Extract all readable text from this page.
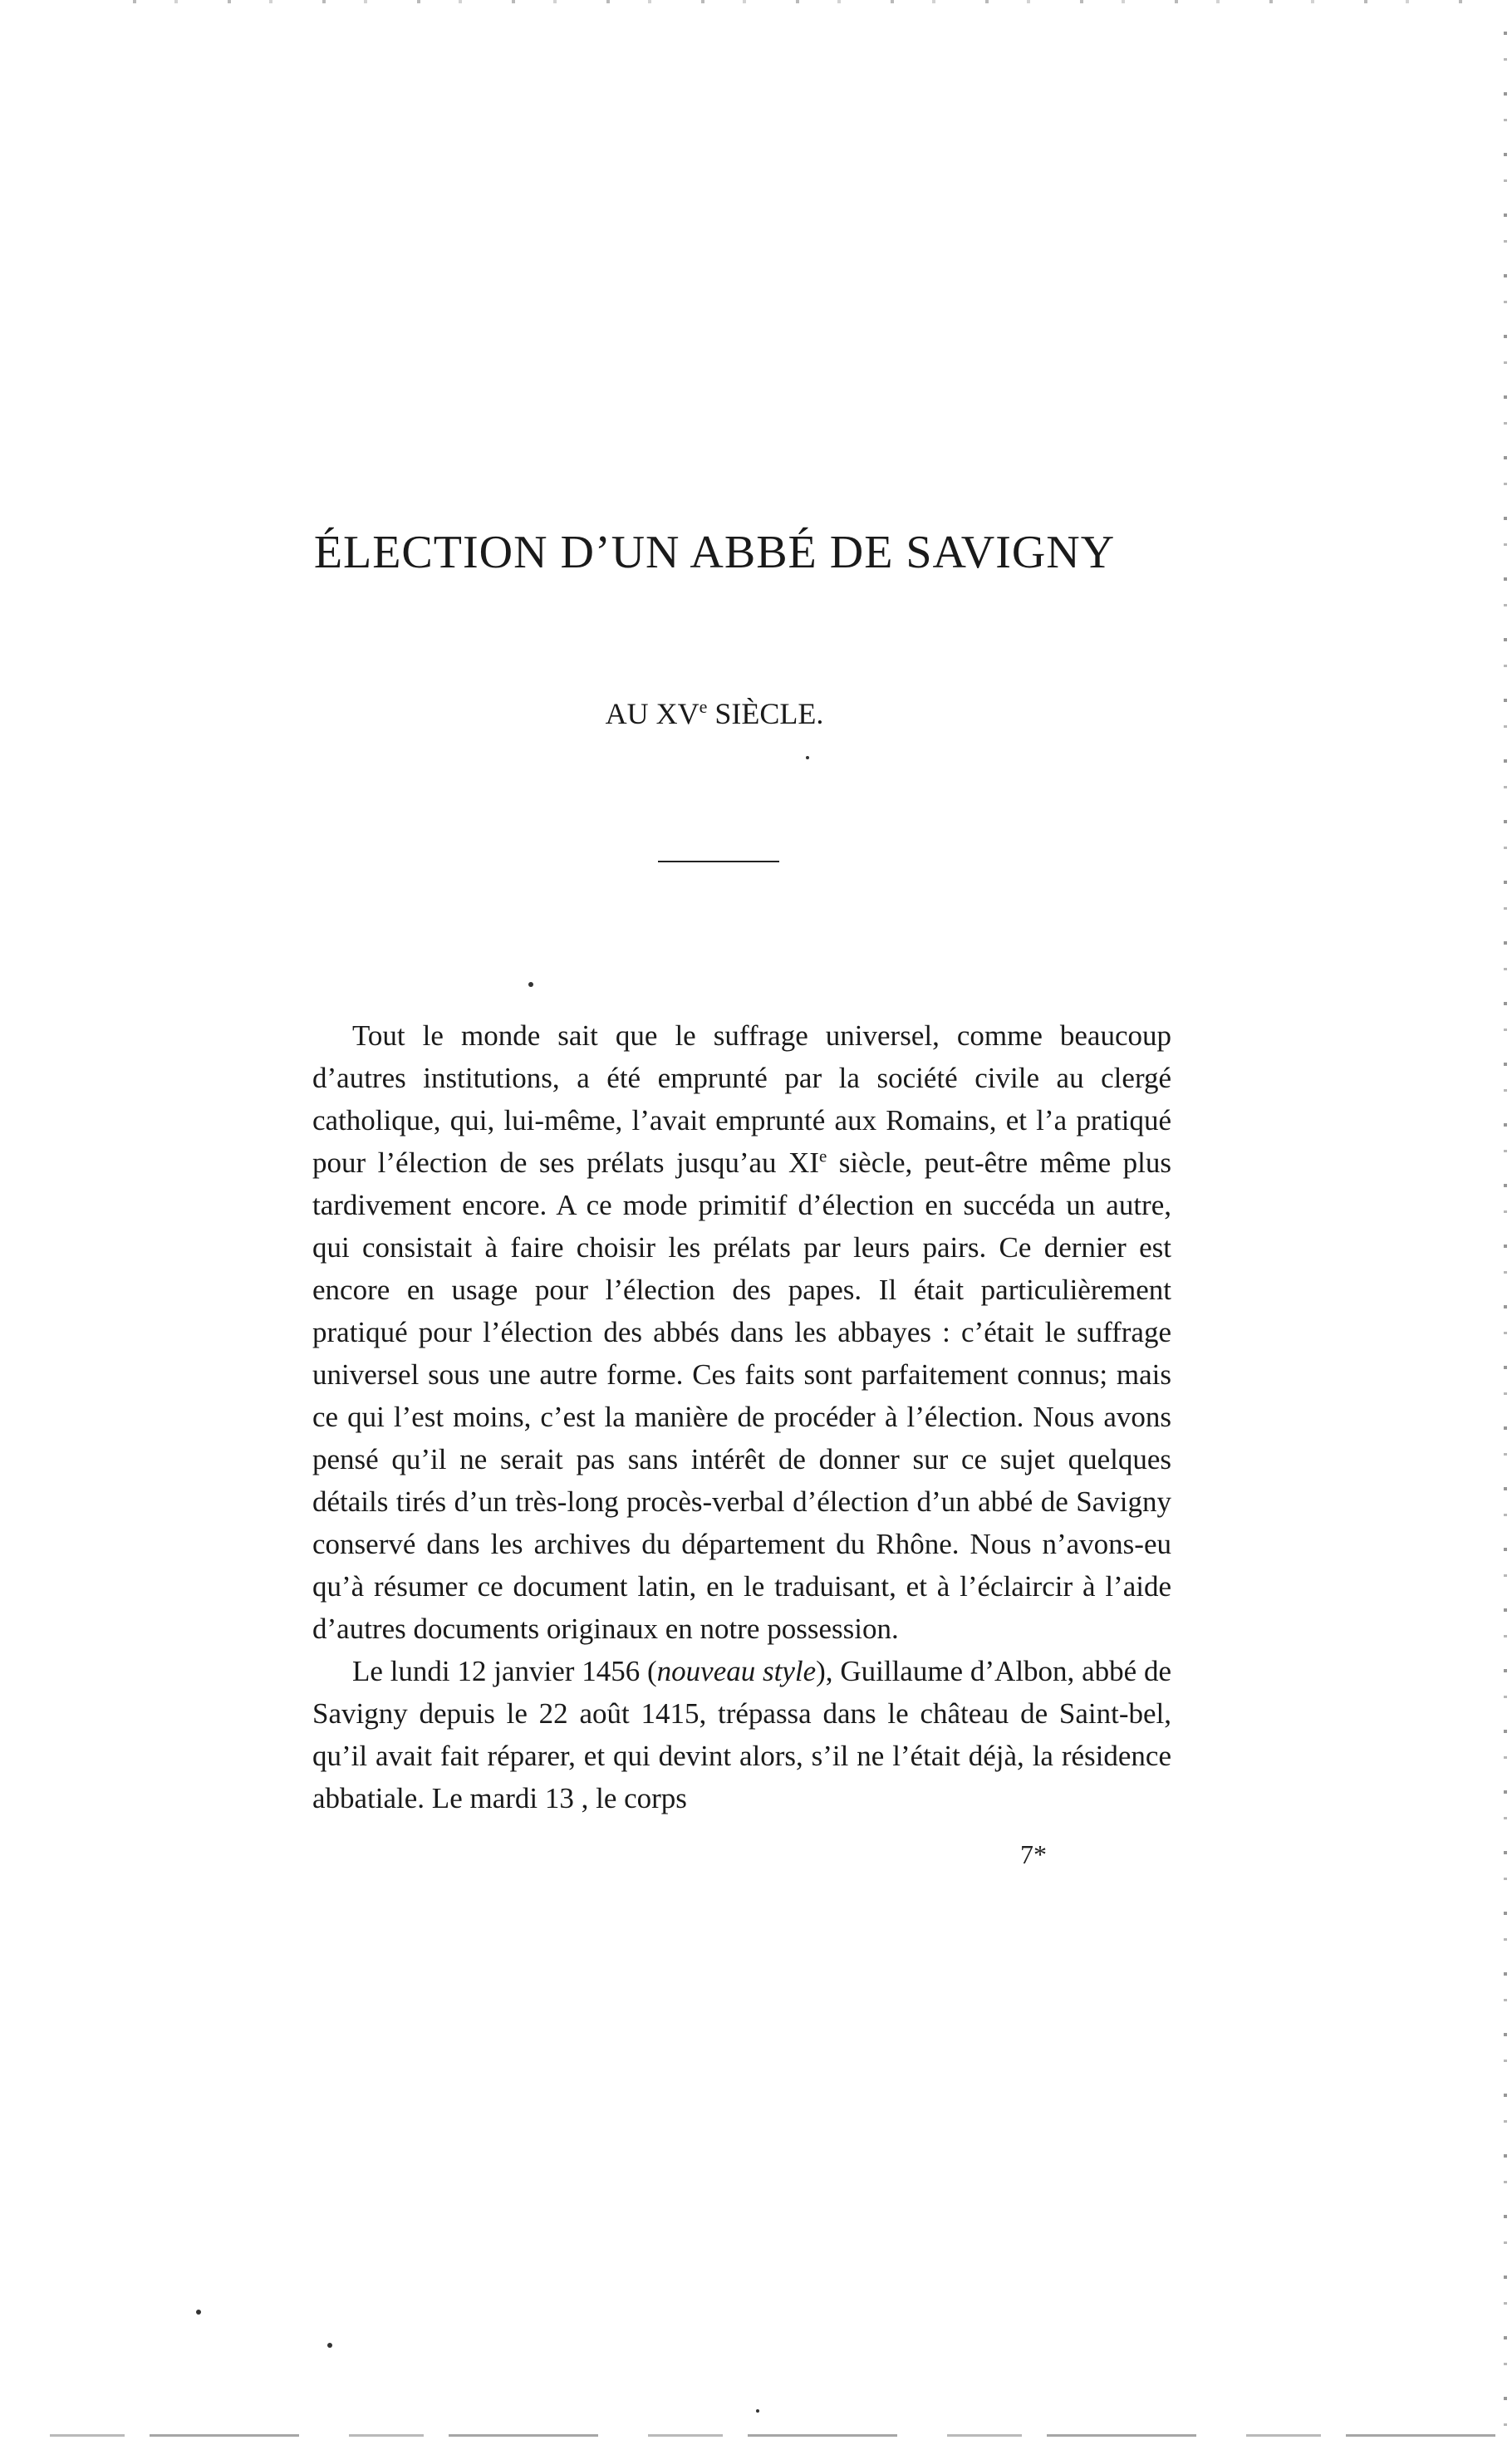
ÉLECTION D’UN ABBÉ DE SAVIGNY
AU XVe SIÈCLE.

Tout le monde sait que le suffrage universel, comme beaucoup d’autres institutions, a été emprunté par la société civile au clergé catholique, qui, lui-même, l’avait emprunté aux Romains, et l’a pratiqué pour l’élection de ses prélats jusqu’au XIe siècle, peut-être même plus tardivement encore. A ce mode primitif d’élection en succéda un autre, qui consistait à faire choisir les prélats par leurs pairs. Ce dernier est encore en usage pour l’élection des papes. Il était particulièrement pratiqué pour l’élection des abbés dans les abbayes : c’était le suffrage universel sous une autre forme. Ces faits sont parfaitement connus; mais ce qui l’est moins, c’est la manière de procéder à l’élection. Nous avons pensé qu’il ne serait pas sans intérêt de donner sur ce sujet quelques détails tirés d’un très-long procès-verbal d’élection d’un abbé de Savigny conservé dans les archives du département du Rhône. Nous n’avons-eu qu’à résumer ce document latin, en le traduisant, et à l’éclaircir à l’aide d’autres documents originaux en notre possession.

Le lundi 12 janvier 1456 (nouveau style), Guillaume d’Albon, abbé de Savigny depuis le 22 août 1415, trépassa dans le château de Saint-bel, qu’il avait fait réparer, et qui devint alors, s’il ne l’était déjà, la résidence abbatiale. Le mardi 13 , le corps

7*
